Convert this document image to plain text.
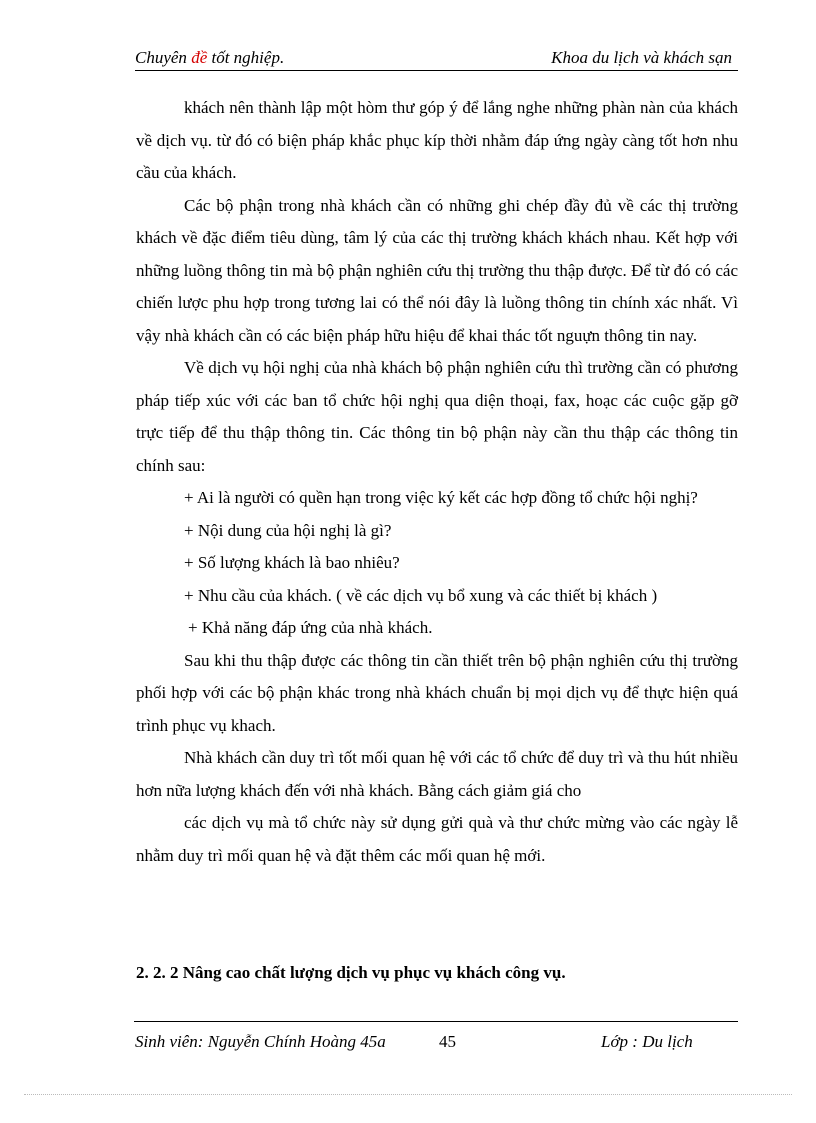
Chuyên đề tốt nghiệp.	Khoa du lịch và khách sạn

khách nên thành lập một hòm thư góp ý để lắng nghe những phàn nàn của khách về dịch vụ. từ đó có biện pháp khắc phục kíp thời nhằm đáp ứng ngày càng tốt hơn nhu cầu của khách.

Các bộ phận trong nhà khách cần có những ghi chép đầy đủ về các thị trường khách về đặc điểm tiêu dùng, tâm lý của các thị trường khách khách nhau. Kết hợp với những luồng thông tin mà bộ phận nghiên cứu thị trường thu thập được. Để từ đó có các chiến lược phu hợp trong tương lai có thể nói đây là luồng thông tin chính xác nhất. Vì vậy nhà khách cần có các biện pháp hữu hiệu để khai thác tốt nguựn thông tin nay.

Về dịch vụ hội nghị của nhà khách bộ phận nghiên cứu thì trường cần có phương pháp tiếp xúc với các ban tổ chức hội nghị qua diện thoại, fax, hoạc các cuộc gặp gỡ trực tiếp để thu thập thông tin. Các thông tin bộ phận này cần thu thập các thông tin chính sau:

+ Ai là người có quền hạn trong việc ký kết các hợp đồng tổ chức hội nghị?

+ Nội dung của hội nghị là gì?

+ Số lượng khách là bao nhiêu?

+ Nhu cầu của khách. ( về các dịch vụ bổ xung và các thiết bị khách )

+ Khả năng đáp ứng của nhà khách.

Sau khi thu thập được các thông tin cần thiết trên bộ phận nghiên cứu thị trường phối hợp với các bộ phận khác trong nhà khách chuẩn bị mọi dịch vụ để thực hiện quá trình phục vụ khach.

Nhà khách cần duy trì tốt mối quan hệ với các tổ chức để duy trì và thu hút nhiều hơn nữa lượng khách đến với nhà khách. Bằng cách giảm giá cho

các dịch vụ mà tổ chức này sử dụng gửi quà và thư chức mừng vào các ngày lễ nhằm duy trì mối quan hệ và đặt thêm các mối quan hệ mới.

2. 2. 2 Nâng cao chất lượng dịch vụ phục vụ khách công vụ.
Sinh viên: Nguyễn Chính Hoàng 45a	45	Lớp : Du lịch
